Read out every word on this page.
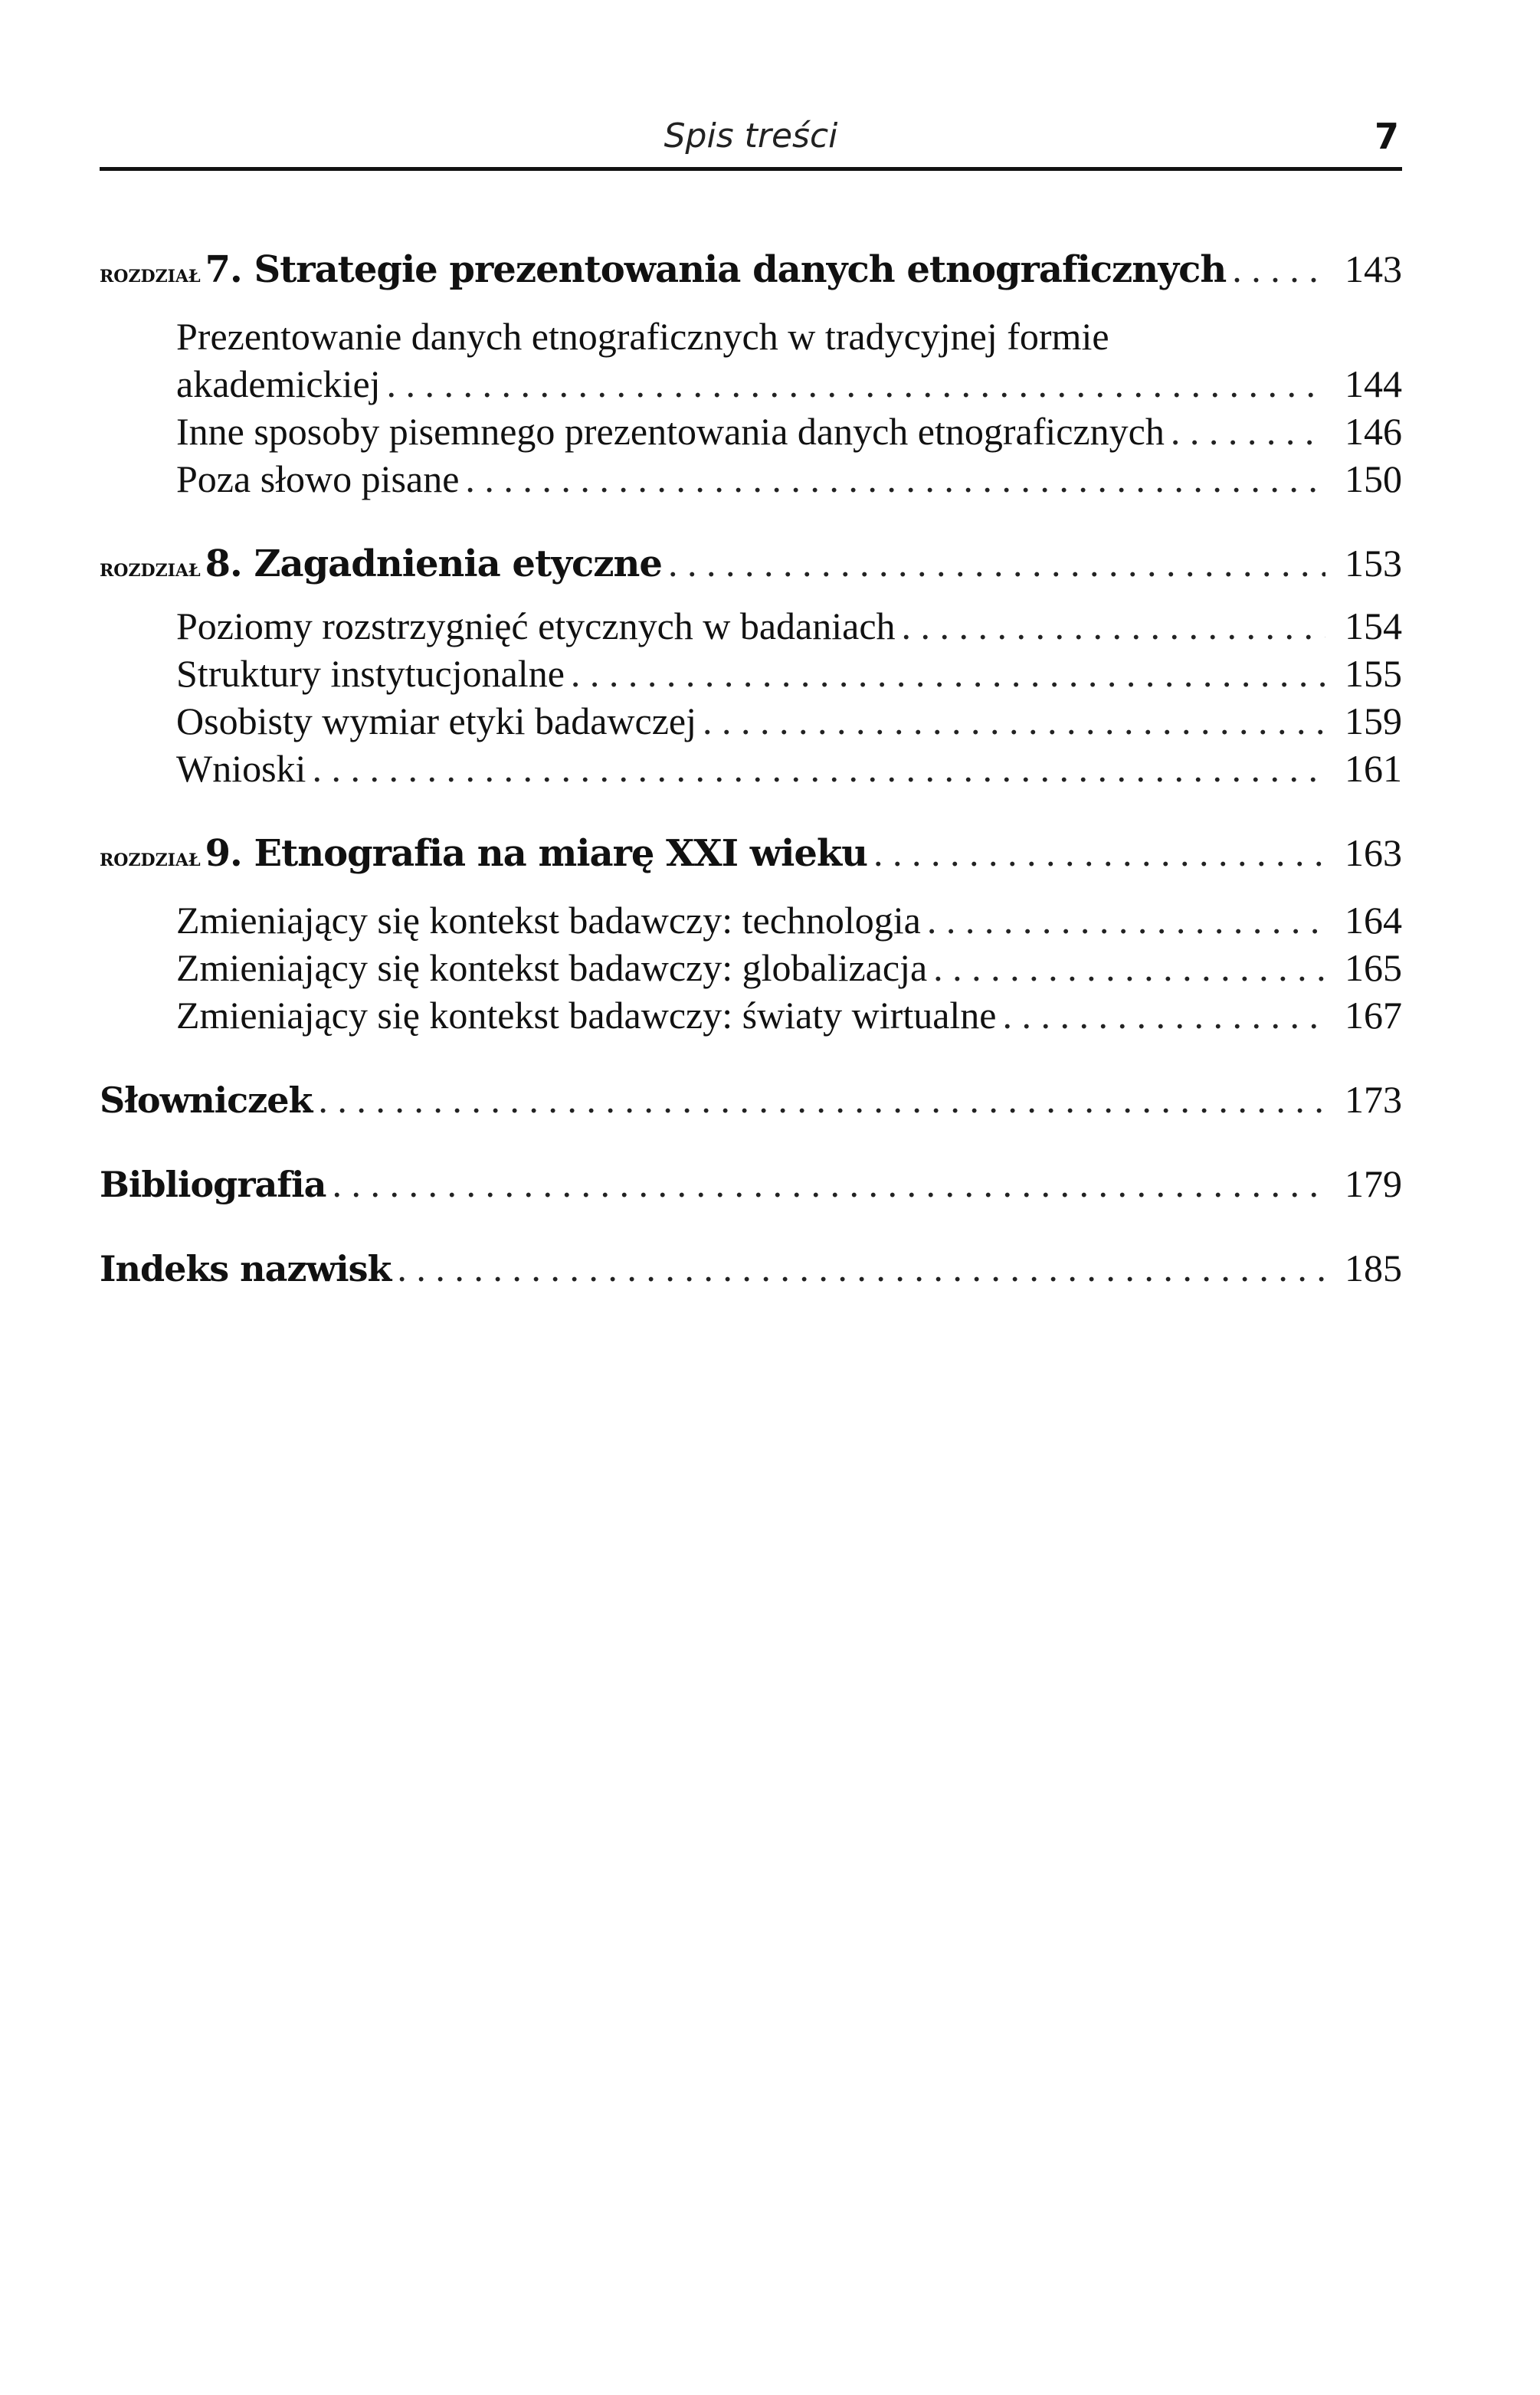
Spis treści	7
ROZDZIAŁ 7. Strategie prezentowania danych etnograficznych . . .	143
Prezentowanie danych etnograficznych w tradycyjnej formie
akademickiej . . .	144
Inne sposoby pisemnego prezentowania danych etnograficznych . . .	146
Poza słowo pisane . . .	150
ROZDZIAŁ 8. Zagadnienia etyczne . . .	153
Poziomy rozstrzygnięć etycznych w badaniach . . .	154
Struktury instytucjonalne . . .	155
Osobisty wymiar etyki badawczej . . .	159
Wnioski . . .	161
ROZDZIAŁ 9. Etnografia na miarę XXI wieku . . .	163
Zmieniający się kontekst badawczy: technologia . . .	164
Zmieniający się kontekst badawczy: globalizacja . . .	165
Zmieniający się kontekst badawczy: światy wirtualne . . .	167
Słowniczek . . .	173
Bibliografia . . .	179
Indeks nazwisk . . .	185
